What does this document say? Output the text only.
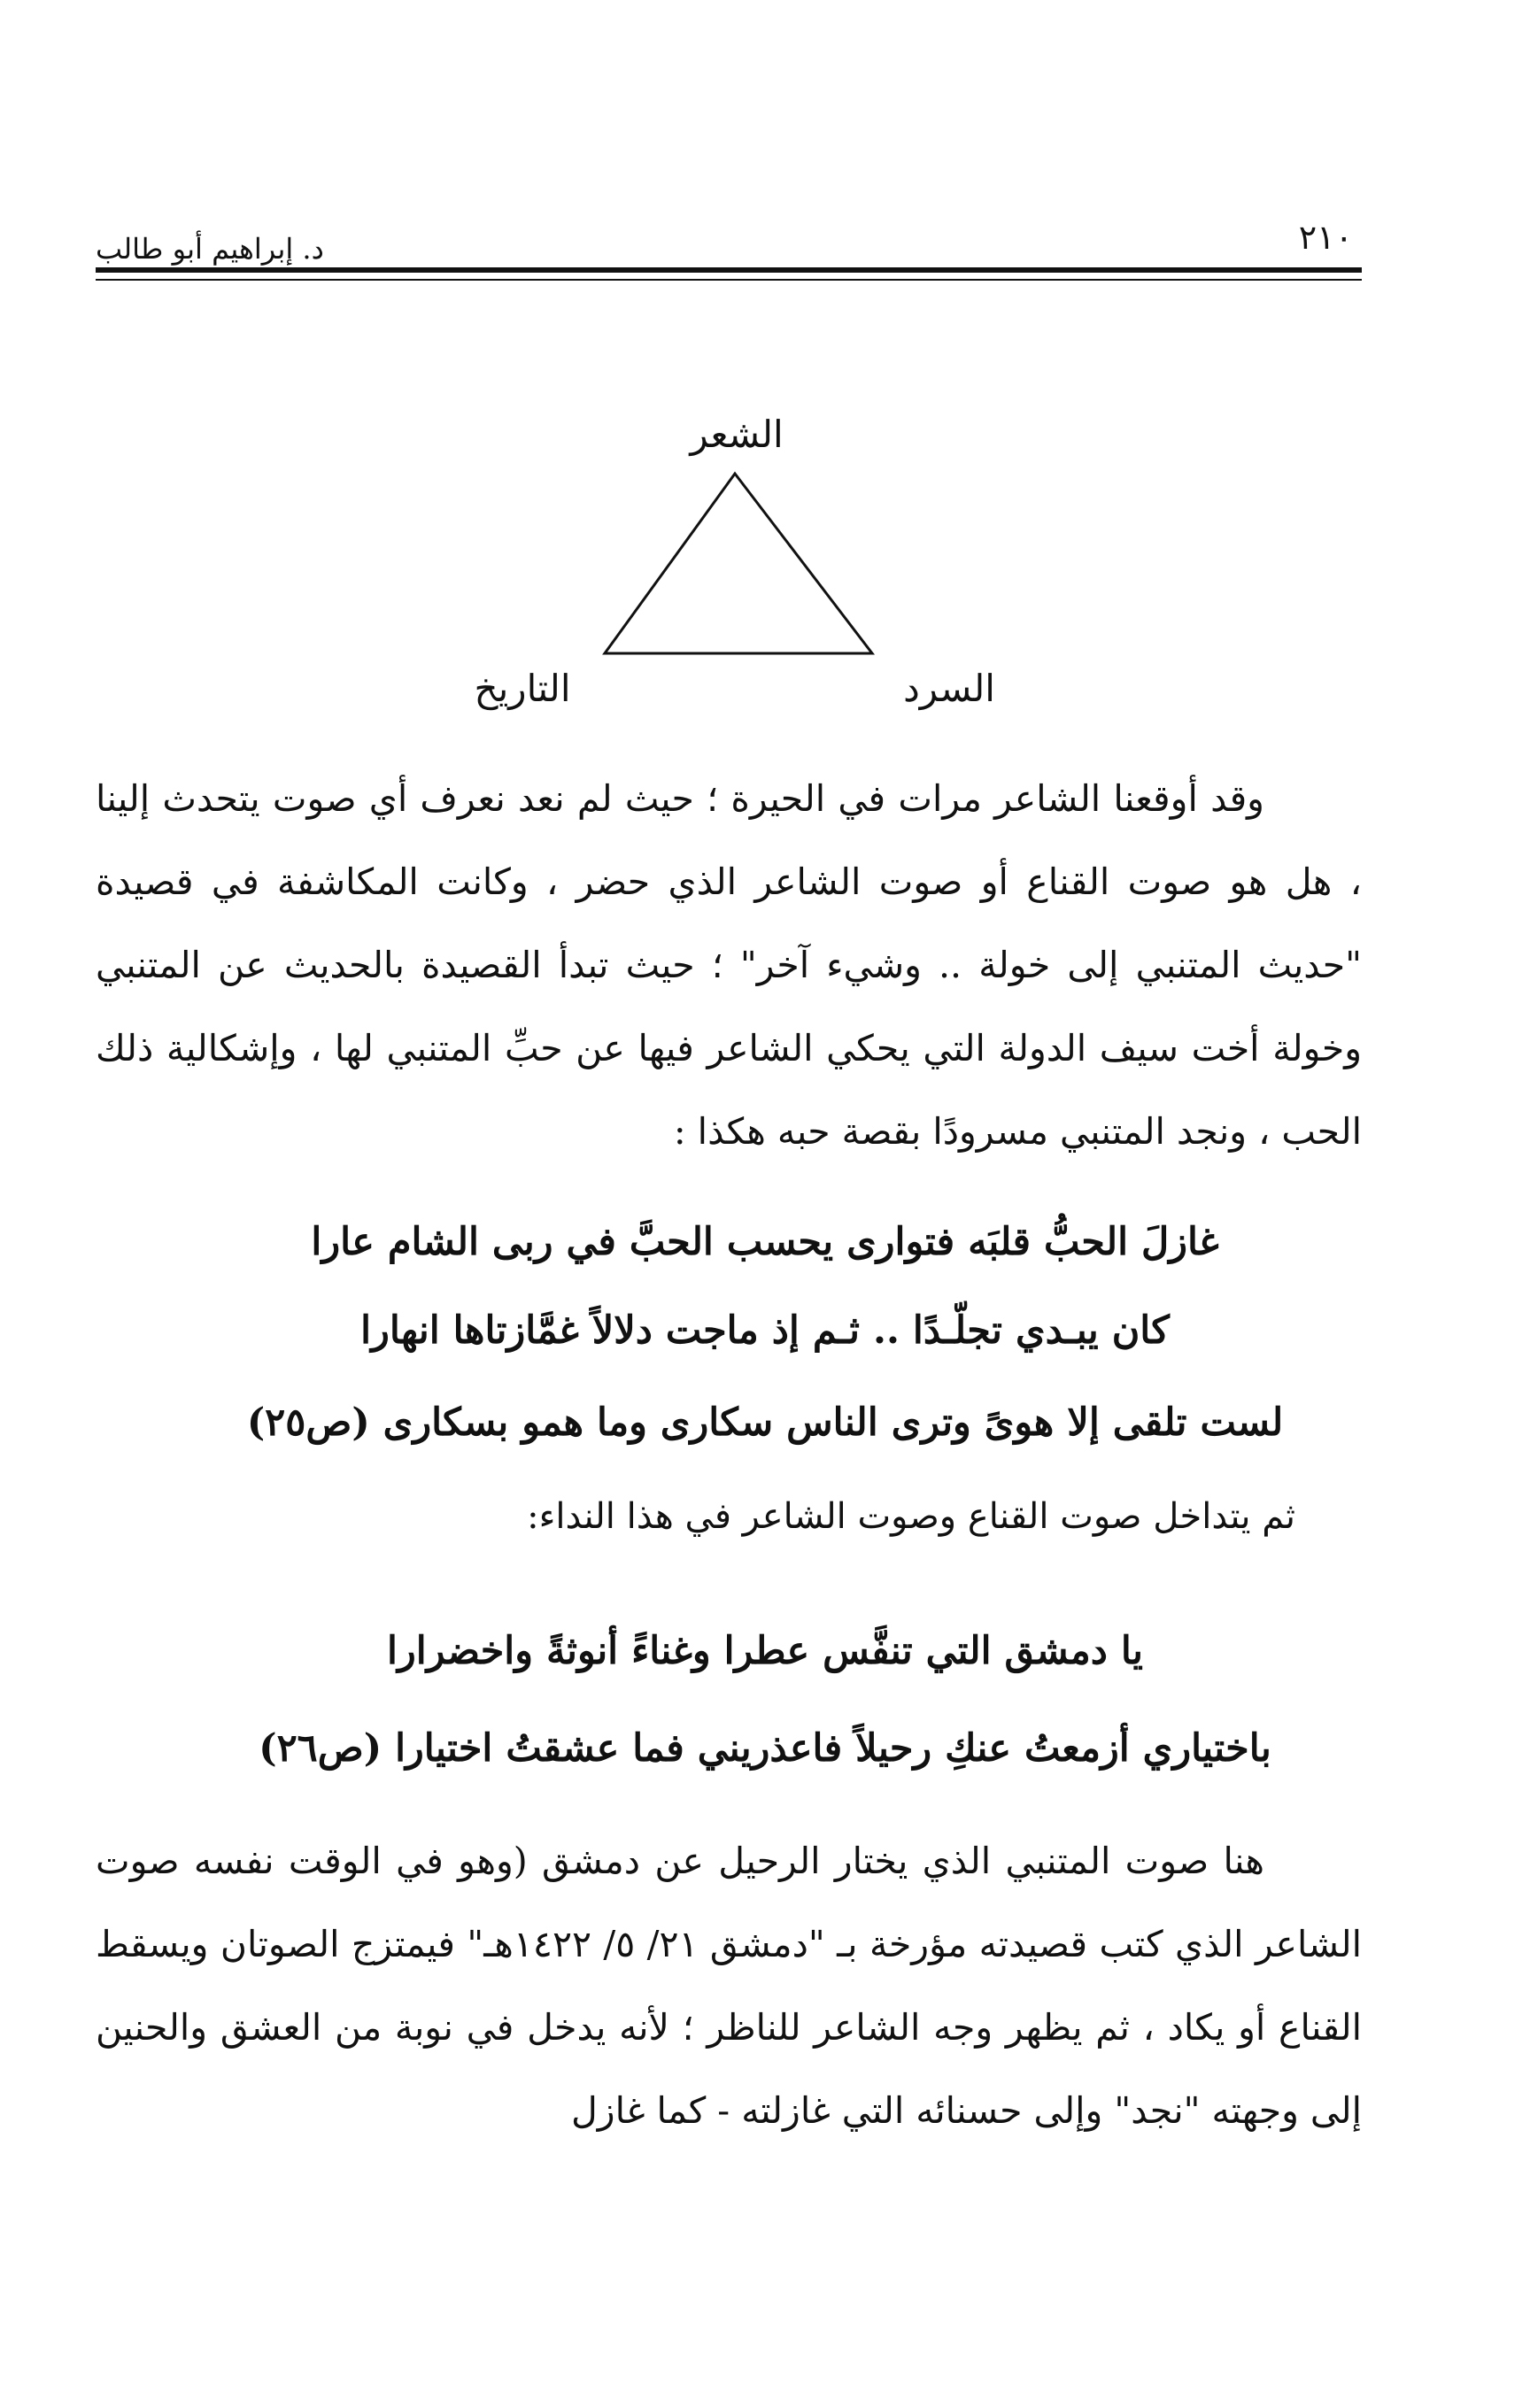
د. إبراهيم أبو طالب	٢١٠
الشعر
السرد
التاريخ
وقد أوقعنا الشاعر مرات في الحيرة ؛ حيث لم نعد نعرف أي صوت يتحدث إلينا ، هل هو صوت القناع أو صوت الشاعر الذي حضر ، وكانت المكاشفة في قصيدة "حديث المتنبي إلى خولة .. وشيء آخر" ؛ حيث تبدأ القصيدة بالحديث عن المتنبي وخولة أخت سيف الدولة التي يحكي الشاعر فيها عن حبِّ المتنبي لها ، وإشكالية ذلك الحب ، ونجد المتنبي مسرودًا بقصة حبه هكذا :
غازلَ الحبُّ قلبَه فتوارى يحسب الحبَّ في ربى الشام عارا
كان يبـدي تجلّـدًا .. ثـم إذ ماجت دلالاً غمَّازتاها انهارا
لست تلقى إلا هوىً وترى الناس سكارى وما همو بسكارى (ص٢٥)
ثم يتداخل صوت القناع وصوت الشاعر في هذا النداء:
يا دمشق التي تنفَّس عطرا وغناءً أنوثةً واخضرارا
باختياري أزمعتُ عنكِ رحيلاً فاعذريني فما عشقتُ اختيارا (ص٢٦)
هنا صوت المتنبي الذي يختار الرحيل عن دمشق (وهو في الوقت نفسه صوت الشاعر الذي كتب قصيدته مؤرخة بـ "دمشق ٢١/ ٥/ ١٤٢٢هـ" فيمتزج الصوتان ويسقط القناع أو يكاد ، ثم يظهر وجه الشاعر للناظر ؛ لأنه يدخل في نوبة من العشق والحنين إلى وجهته "نجد" وإلى حسنائه التي غازلته - كما غازل
